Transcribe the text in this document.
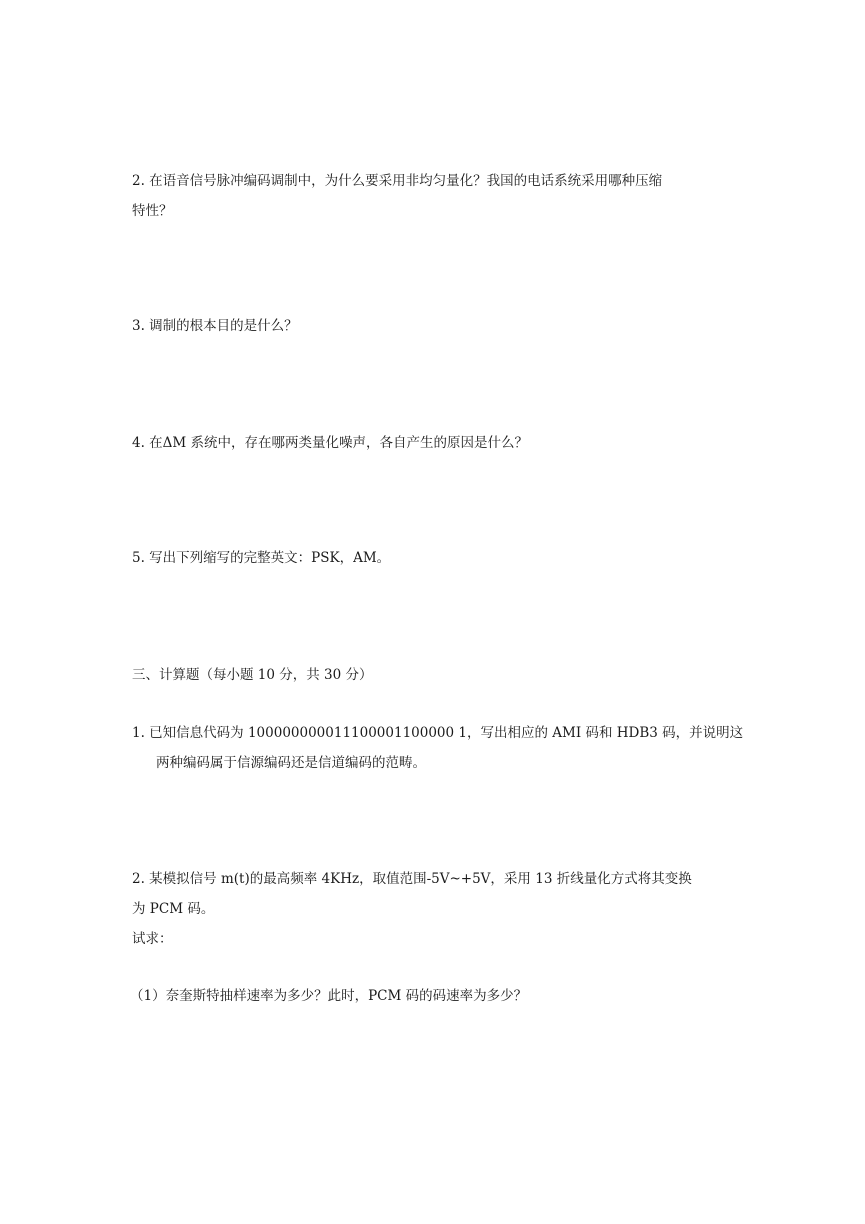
2. 在语音信号脉冲编码调制中，为什么要采用非均匀量化？我国的电话系统采用哪种压缩
特性？
3. 调制的根本目的是什么？
4. 在ΔM 系统中，存在哪两类量化噪声，各自产生的原因是什么？
5. 写出下列缩写的完整英文：PSK，AM。
三、计算题（每小题 10 分，共 30 分）
1. 已知信息代码为 100000000011100001100000 1，写出相应的 AMI 码和 HDB3 码，并说明这
两种编码属于信源编码还是信道编码的范畴。
2. 某模拟信号 m(t)的最高频率 4KHz，取值范围-5V~+5V，采用 13 折线量化方式将其变换
为 PCM 码。
试求：
（1）奈奎斯特抽样速率为多少？此时，PCM 码的码速率为多少？
